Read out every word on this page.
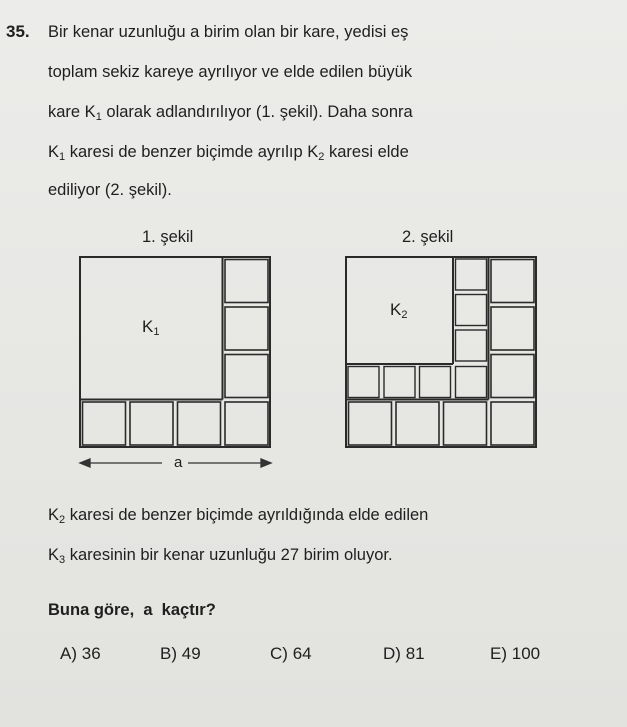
35. Bir kenar uzunluğu a birim olan bir kare, yedisi eş
toplam sekiz kareye ayrılıyor ve elde edilen büyük
kare $K_1$ olarak adlandırılıyor (1. şekil). Daha sonra
$K_1$ karesi de benzer biçimde ayrılıp $K_2$ karesi elde
ediliyor (2. şekil).
1. şekil
$K_1$
a
2. şekil
$K_2$
$K_2$ karesi de benzer biçimde ayrıldığında elde edilen
$K_3$ karesinin bir kenar uzunluğu 27 birim oluyor.
Buna göre,  a  kaçtır?
A) 36	B) 49	C) 64	D) 81	E) 100
